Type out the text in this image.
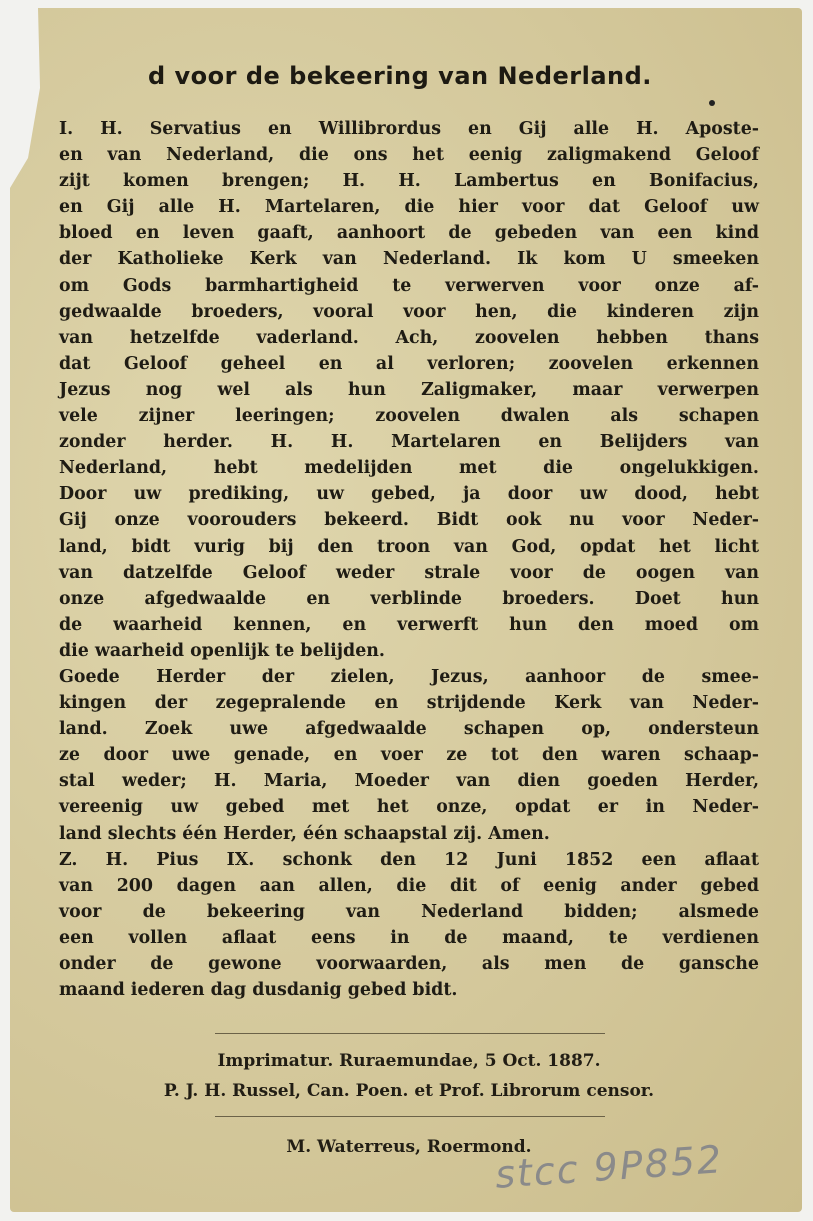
d voor de bekeering van Nederland.
I. H. Servatius en Willibrordus en Gij alle H. Aposte-
en van Nederland, die ons het eenig zaligmakend Geloof
zijt komen brengen; H. H. Lambertus en Bonifacius,
en Gij alle H. Martelaren, die hier voor dat Geloof uw
bloed en leven gaaft, aanhoort de gebeden van een kind
der Katholieke Kerk van Nederland. Ik kom U smeeken
om Gods barmhartigheid te verwerven voor onze af-
gedwaalde broeders, vooral voor hen, die kinderen zijn
van hetzelfde vaderland. Ach, zoovelen hebben thans
dat Geloof geheel en al verloren; zoovelen erkennen
Jezus nog wel als hun Zaligmaker, maar verwerpen
vele zijner leeringen; zoovelen dwalen als schapen
zonder herder. H. H. Martelaren en Belijders van
Nederland, hebt medelijden met die ongelukkigen.
Door uw prediking, uw gebed, ja door uw dood, hebt
Gij onze voorouders bekeerd. Bidt ook nu voor Neder-
land, bidt vurig bij den troon van God, opdat het licht
van datzelfde Geloof weder strale voor de oogen van
onze afgedwaalde en verblinde broeders. Doet hun
de waarheid kennen, en verwerft hun den moed om
die waarheid openlijk te belijden.
Goede Herder der zielen, Jezus, aanhoor de smee-
kingen der zegepralende en strijdende Kerk van Neder-
land. Zoek uwe afgedwaalde schapen op, ondersteun
ze door uwe genade, en voer ze tot den waren schaap-
stal weder; H. Maria, Moeder van dien goeden Herder,
vereenig uw gebed met het onze, opdat er in Neder-
land slechts één Herder, één schaapstal zij. Amen.
Z. H. Pius IX. schonk den 12 Juni 1852 een aflaat
van 200 dagen aan allen, die dit of eenig ander gebed
voor de bekeering van Nederland bidden; alsmede
een vollen aflaat eens in de maand, te verdienen
onder de gewone voorwaarden, als men de gansche
maand iederen dag dusdanig gebed bidt.
Imprimatur. Ruraemundae, 5 Oct. 1887.
P. J. H. Russel, Can. Poen. et Prof. Librorum censor.
M. Waterreus, Roermond.
stcc 9P852
